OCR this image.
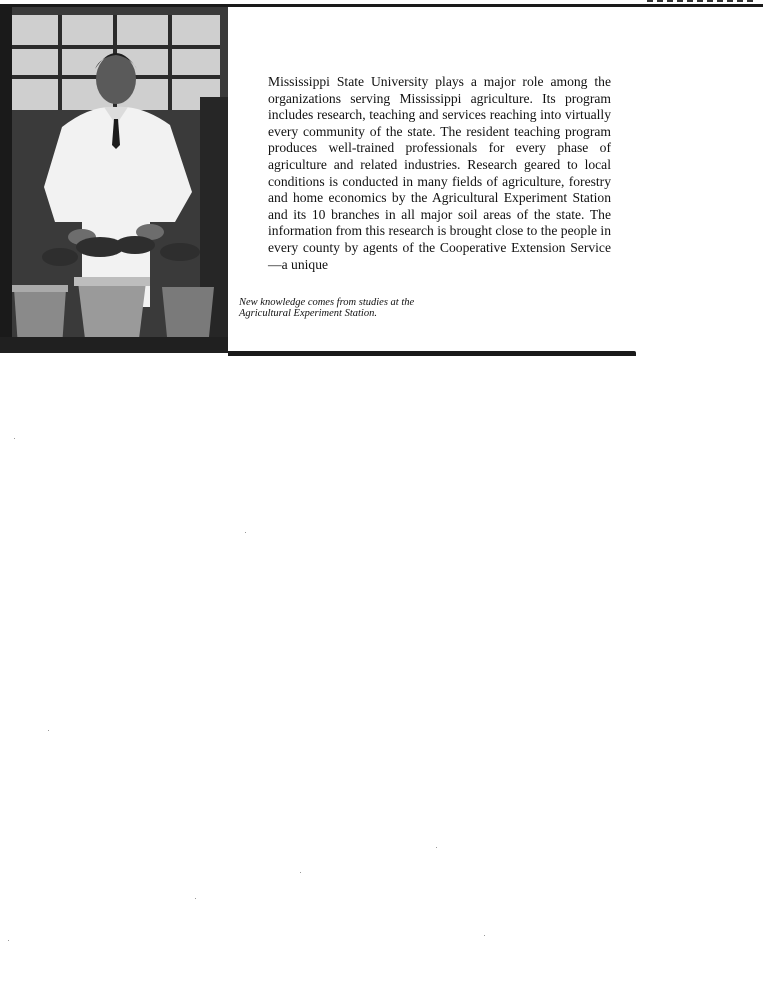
Mississippi State University plays a major role among the organizations serving Mississippi agriculture. Its program includes research, teaching and services reaching into virtually every community of the state. The resident teaching program produces well-trained professionals for every phase of agriculture and related industries. Research geared to local conditions is conducted in many fields of agriculture, forestry and home economics by the Agricultural Experiment Station and its 10 branches in all major soil areas of the state. The information from this research is brought close to the people in every county by agents of the Cooperative Extension Service—a unique

New knowledge comes from studies at the Agricultural Experiment Station.
